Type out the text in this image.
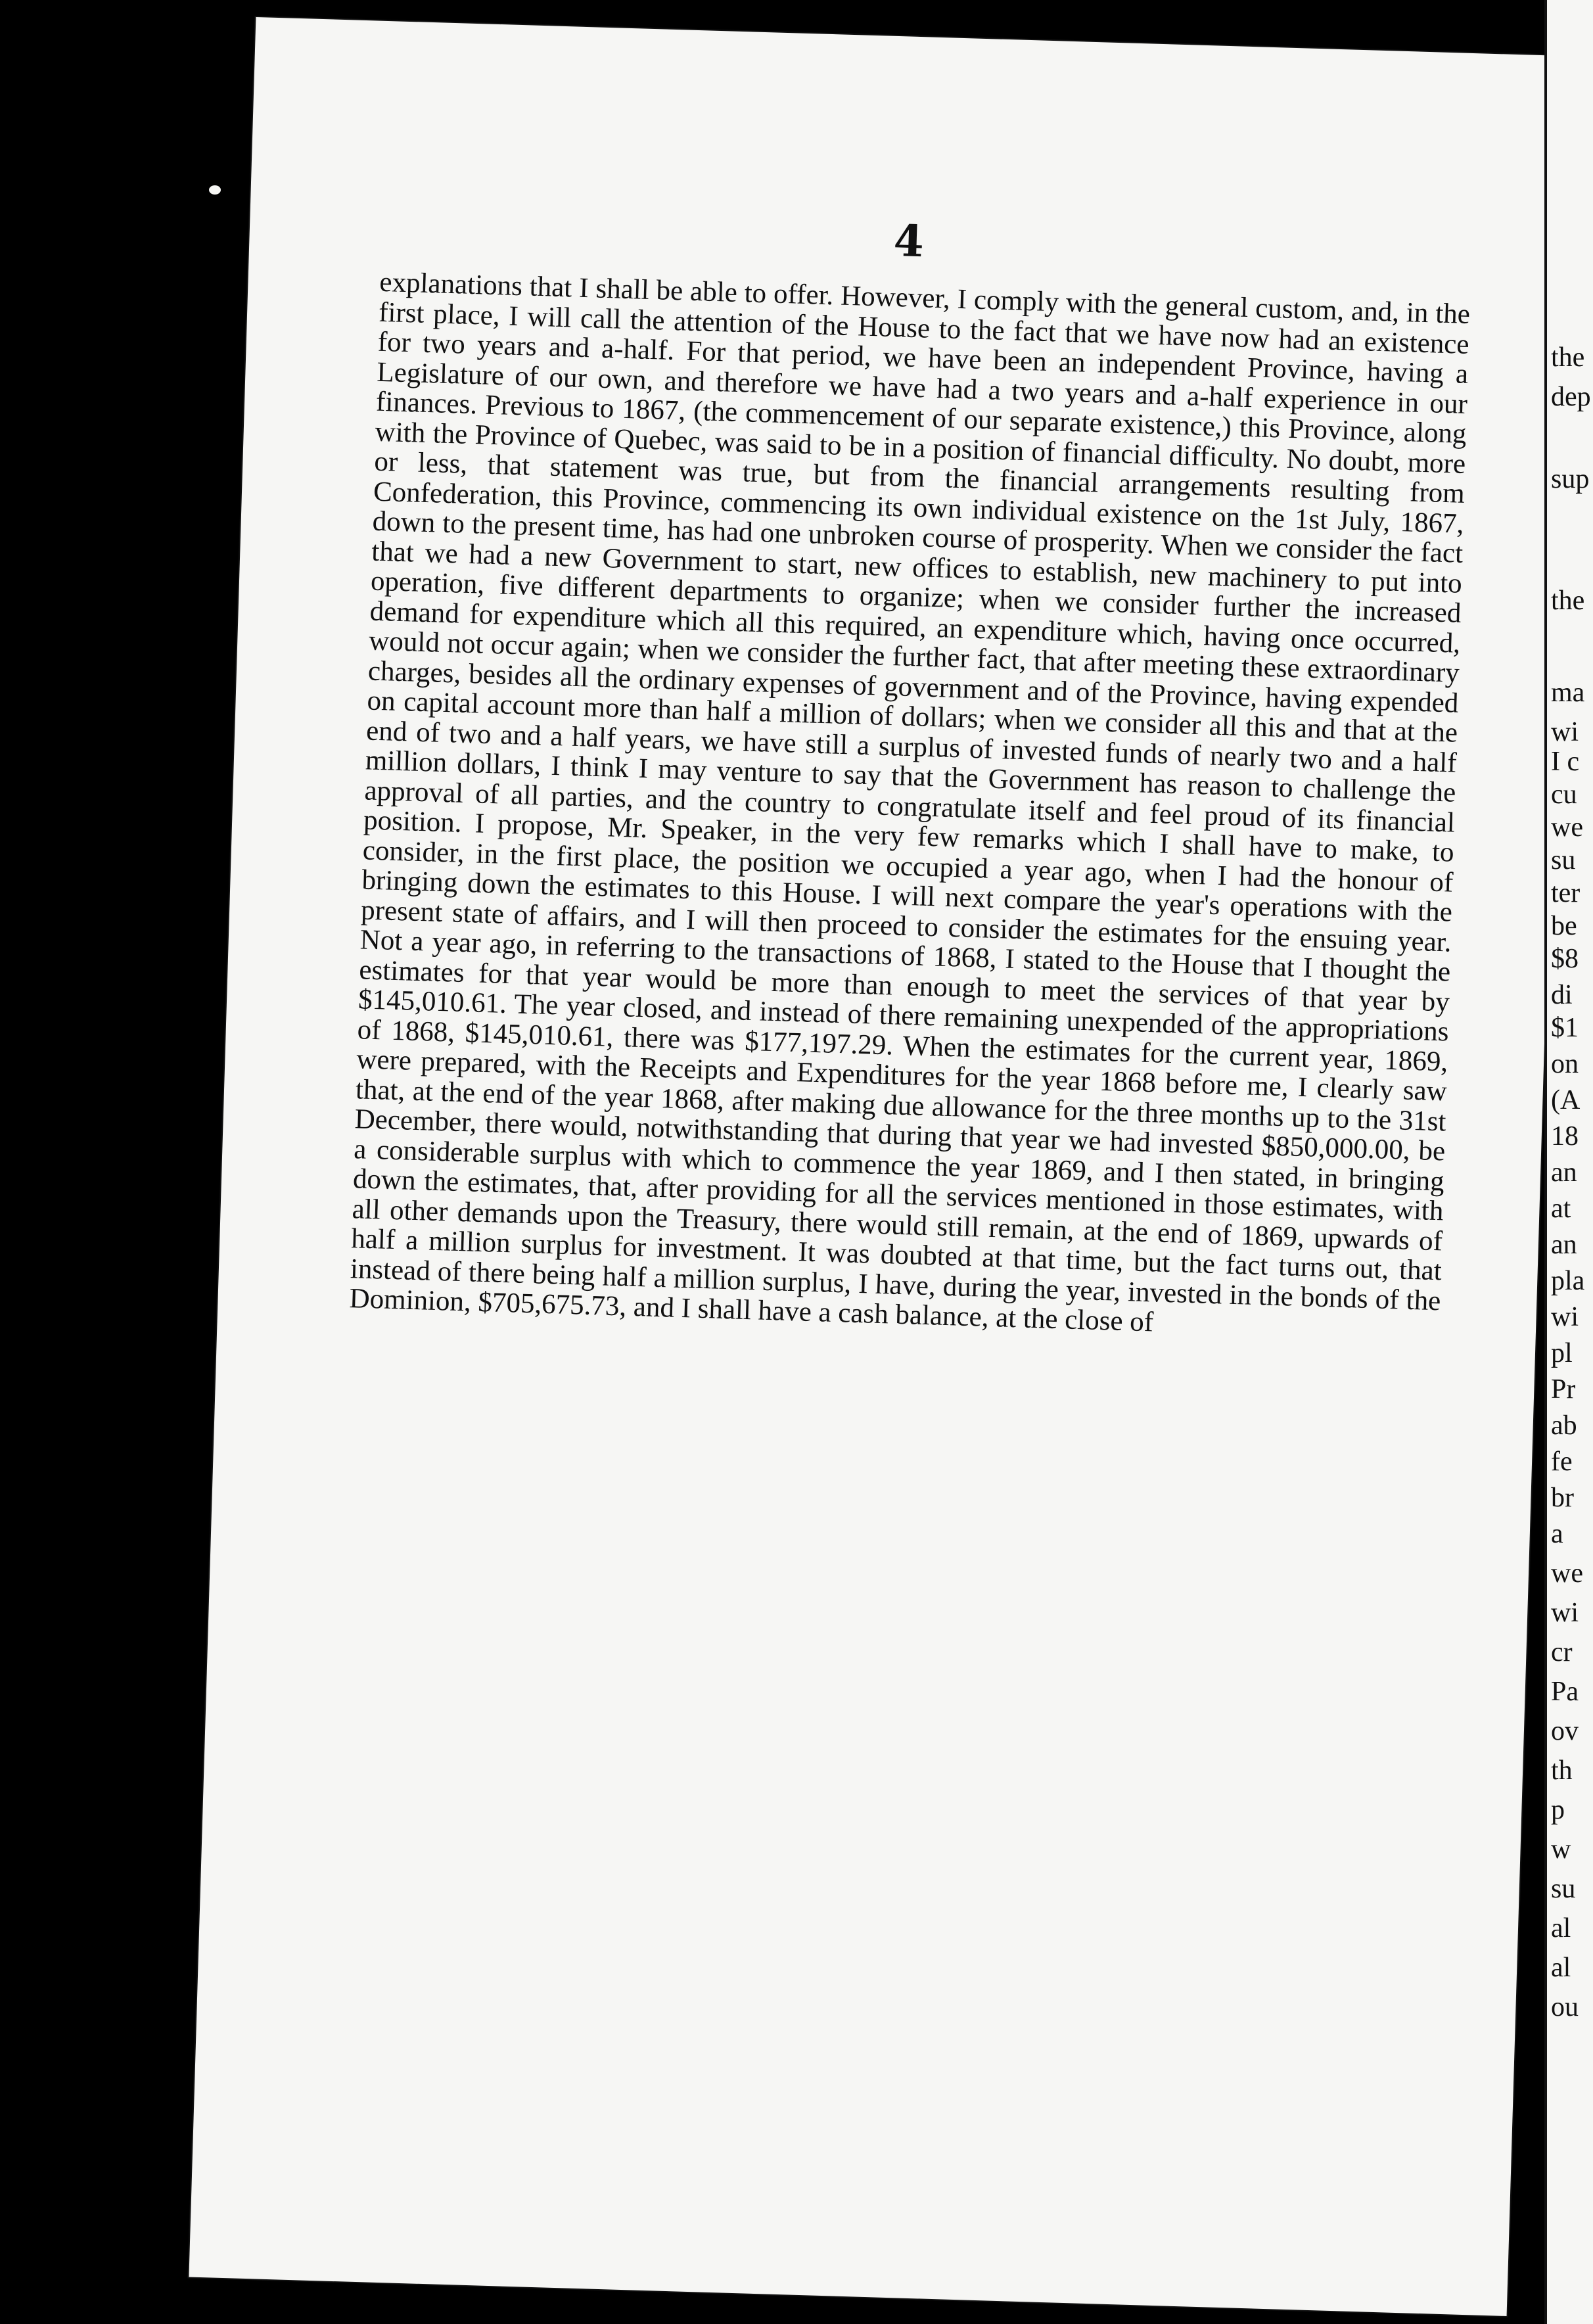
4

explanations that I shall be able to offer. However, I comply with the general custom, and, in the first place, I will call the attention of the House to the fact that we have now had an existence for two years and a-half. For that period, we have been an independent Province, having a Legislature of our own, and therefore we have had a two years and a-half experience in our finances. Previous to 1867, (the commencement of our separate existence,) this Province, along with the Province of Quebec, was said to be in a position of financial difficulty. No doubt, more or less, that statement was true, but from the financial arrangements resulting from Confederation, this Province, commencing its own individual existence on the 1st July, 1867, down to the present time, has had one unbroken course of prosperity. When we consider the fact that we had a new Government to start, new offices to establish, new machinery to put into operation, five different departments to organize; when we consider further the increased demand for expenditure which all this required, an expenditure which, having once occurred, would not occur again; when we consider the further fact, that after meeting these extraordinary charges, besides all the ordinary expenses of government and of the Province, having expended on capital account more than half a million of dollars; when we consider all this and that at the end of two and a half years, we have still a surplus of invested funds of nearly two and a half million dollars, I think I may venture to say that the Government has reason to challenge the approval of all parties, and the country to congratulate itself and feel proud of its financial position. I propose, Mr. Speaker, in the very few remarks which I shall have to make, to consider, in the first place, the position we occupied a year ago, when I had the honour of bringing down the estimates to this House. I will next compare the year's operations with the present state of affairs, and I will then proceed to consider the estimates for the ensuing year. Not a year ago, in referring to the transactions of 1868, I stated to the House that I thought the estimates for that year would be more than enough to meet the services of that year by $145,010.61. The year closed, and instead of there remaining unexpended of the appropriations of 1868, $145,010.61, there was $177,197.29. When the estimates for the current year, 1869, were prepared, with the Receipts and Expenditures for the year 1868 before me, I clearly saw that, at the end of the year 1868, after making due allowance for the three months up to the 31st December, there would, notwithstanding that during that year we had invested $850,000.00, be a considerable surplus with which to commence the year 1869, and I then stated, in bringing down the estimates, that, after providing for all the services mentioned in those estimates, with all other demands upon the Treasury, there would still remain, at the end of 1869, upwards of half a million surplus for investment. It was doubted at that time, but the fact turns out, that instead of there being half a million surplus, I have, during the year, invested in the bonds of the Dominion, $705,675.73, and I shall have a cash balance, at the close of

the
dep
sup
the
ma
wi
I c
cu
we
su
ter
be
$8
di
$1
on
(A
18
an
at
an
pla
wi
pl
Pr
ab
fe
br
a
we
wi
cr
Pa
ov
th
p
w
su
al
al
ou
